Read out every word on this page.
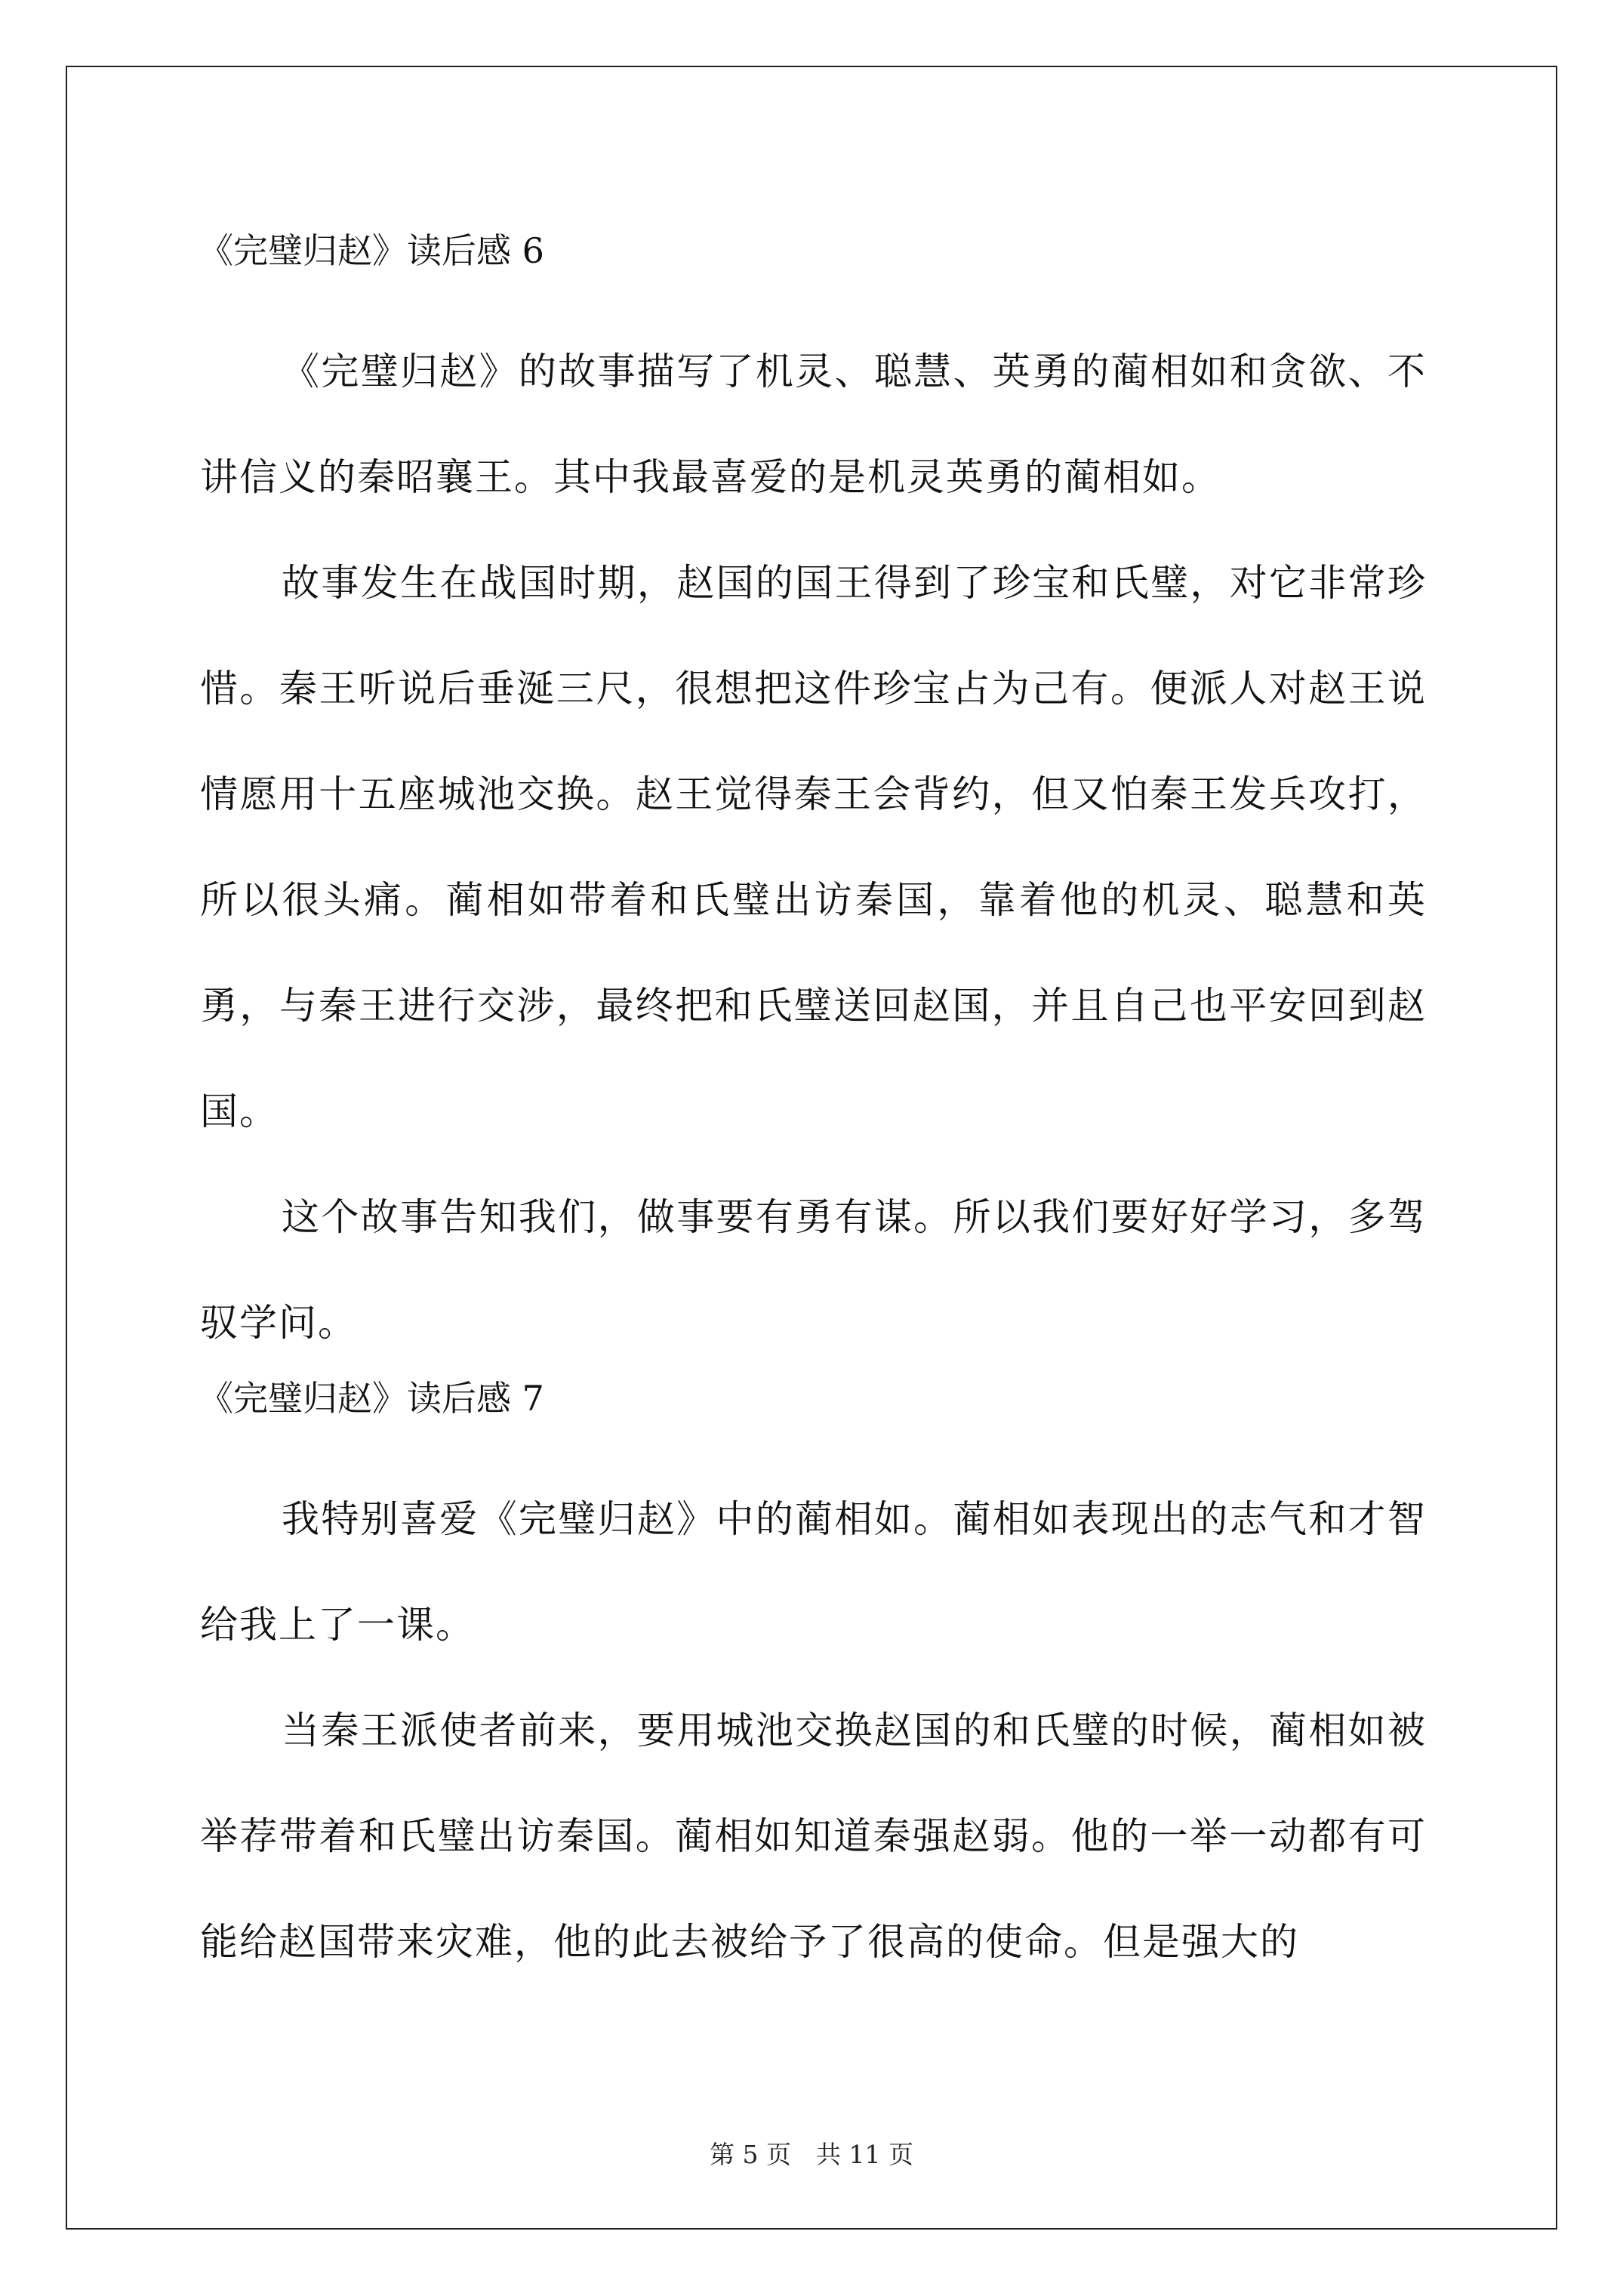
《完璧归赵》读后感 6

《完璧归赵》的故事描写了机灵、聪慧、英勇的蔺相如和贪欲、不讲信义的秦昭襄王。其中我最喜爱的是机灵英勇的蔺相如。

故事发生在战国时期，赵国的国王得到了珍宝和氏璧，对它非常珍惜。秦王听说后垂涎三尺，很想把这件珍宝占为己有。便派人对赵王说情愿用十五座城池交换。赵王觉得秦王会背约，但又怕秦王发兵攻打，所以很头痛。蔺相如带着和氏璧出访秦国，靠着他的机灵、聪慧和英勇，与秦王进行交涉，最终把和氏璧送回赵国，并且自己也平安回到赵国。

这个故事告知我们，做事要有勇有谋。所以我们要好好学习，多驾驭学问。

《完璧归赵》读后感 7

我特别喜爱《完璧归赵》中的蔺相如。蔺相如表现出的志气和才智给我上了一课。

当秦王派使者前来，要用城池交换赵国的和氏璧的时候，蔺相如被举荐带着和氏璧出访秦国。蔺相如知道秦强赵弱。他的一举一动都有可能给赵国带来灾难，他的此去被给予了很高的使命。但是强大的

第 5 页　共 11 页
